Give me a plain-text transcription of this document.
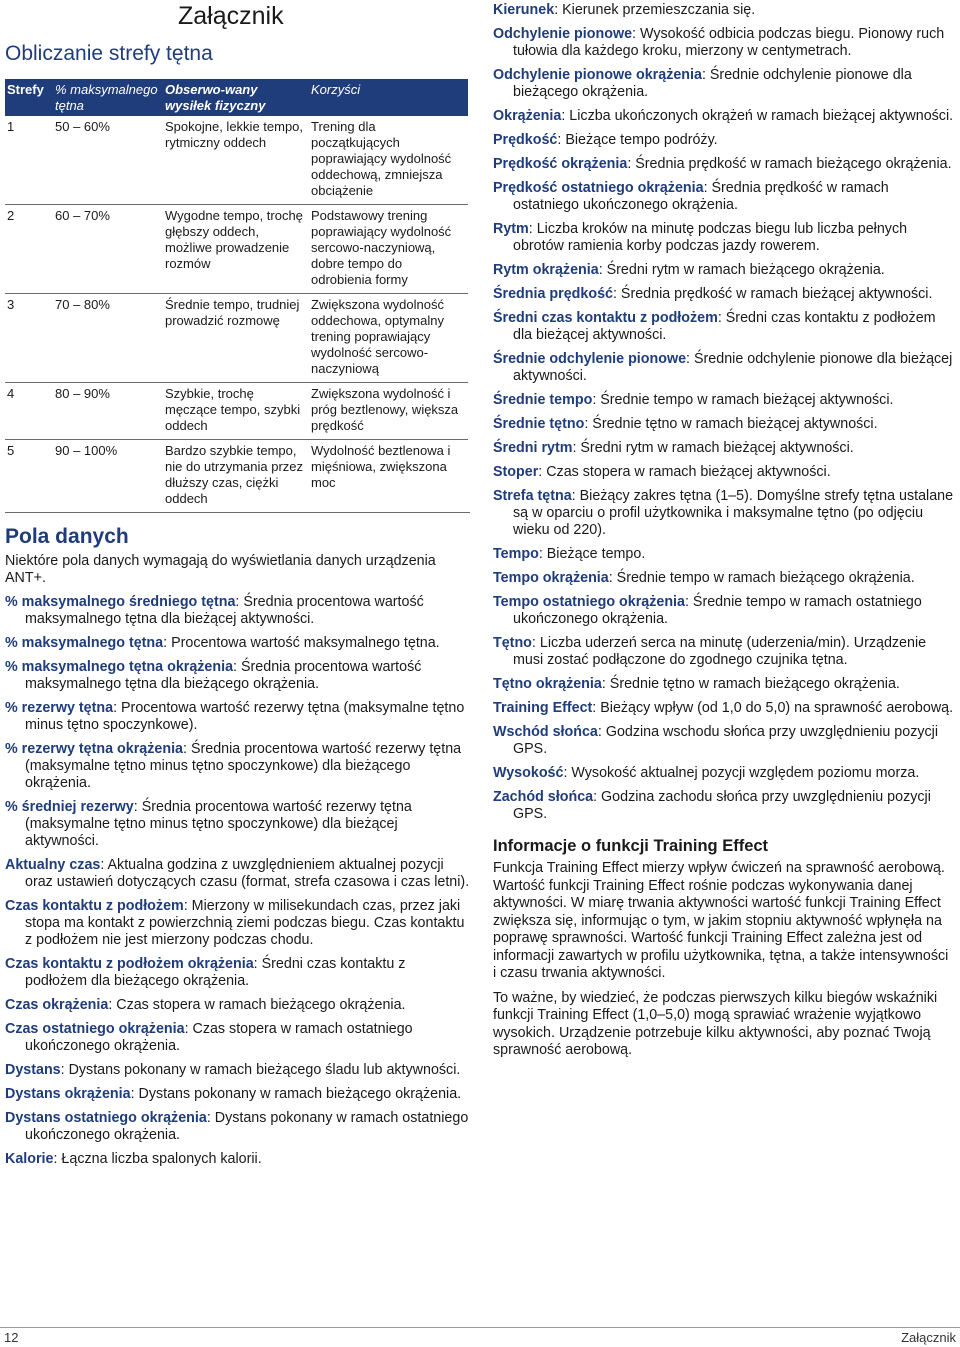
Załącznik
Obliczanie strefy tętna
Strefy	% maksymalnego tętna	Obserwo-wany wysiłek fizyczny	Korzyści
1	50 – 60%	Spokojne, lekkie tempo, rytmiczny oddech	Trening dla początkujących poprawiający wydolność oddechową, zmniejsza obciążenie
2	60 – 70%	Wygodne tempo, trochę głębszy oddech, możliwe prowadzenie rozmów	Podstawowy trening poprawiający wydolność sercowo-naczyniową, dobre tempo do odrobienia formy
3	70 – 80%	Średnie tempo, trudniej prowadzić rozmowę	Zwiększona wydolność oddechowa, optymalny trening poprawiający wydolność sercowo-naczyniową
4	80 – 90%	Szybkie, trochę męczące tempo, szybki oddech	Zwiększona wydolność i próg beztlenowy, większa prędkość
5	90 – 100%	Bardzo szybkie tempo, nie do utrzymania przez dłuższy czas, ciężki oddech	Wydolność beztlenowa i mięśniowa, zwiększona moc
Pola danych

Niektóre pola danych wymagają do wyświetlania danych urządzenia ANT+.

% maksymalnego średniego tętna: Średnia procentowa wartość maksymalnego tętna dla bieżącej aktywności.

% maksymalnego tętna: Procentowa wartość maksymalnego tętna.

% maksymalnego tętna okrążenia: Średnia procentowa wartość maksymalnego tętna dla bieżącego okrążenia.

% rezerwy tętna: Procentowa wartość rezerwy tętna (maksymalne tętno minus tętno spoczynkowe).

% rezerwy tętna okrążenia: Średnia procentowa wartość rezerwy tętna (maksymalne tętno minus tętno spoczynkowe) dla bieżącego okrążenia.

% średniej rezerwy: Średnia procentowa wartość rezerwy tętna (maksymalne tętno minus tętno spoczynkowe) dla bieżącej aktywności.

Aktualny czas: Aktualna godzina z uwzględnieniem aktualnej pozycji oraz ustawień dotyczących czasu (format, strefa czasowa i czas letni).

Czas kontaktu z podłożem: Mierzony w milisekundach czas, przez jaki stopa ma kontakt z powierzchnią ziemi podczas biegu. Czas kontaktu z podłożem nie jest mierzony podczas chodu.

Czas kontaktu z podłożem okrążenia: Średni czas kontaktu z podłożem dla bieżącego okrążenia.

Czas okrążenia: Czas stopera w ramach bieżącego okrążenia.

Czas ostatniego okrążenia: Czas stopera w ramach ostatniego ukończonego okrążenia.

Dystans: Dystans pokonany w ramach bieżącego śladu lub aktywności.

Dystans okrążenia: Dystans pokonany w ramach bieżącego okrążenia.

Dystans ostatniego okrążenia: Dystans pokonany w ramach ostatniego ukończonego okrążenia.

Kalorie: Łączna liczba spalonych kalorii.

Kierunek: Kierunek przemieszczania się.

Odchylenie pionowe: Wysokość odbicia podczas biegu. Pionowy ruch tułowia dla każdego kroku, mierzony w centymetrach.

Odchylenie pionowe okrążenia: Średnie odchylenie pionowe dla bieżącego okrążenia.

Okrążenia: Liczba ukończonych okrążeń w ramach bieżącej aktywności.

Prędkość: Bieżące tempo podróży.

Prędkość okrążenia: Średnia prędkość w ramach bieżącego okrążenia.

Prędkość ostatniego okrążenia: Średnia prędkość w ramach ostatniego ukończonego okrążenia.

Rytm: Liczba kroków na minutę podczas biegu lub liczba pełnych obrotów ramienia korby podczas jazdy rowerem.

Rytm okrążenia: Średni rytm w ramach bieżącego okrążenia.

Średnia prędkość: Średnia prędkość w ramach bieżącej aktywności.

Średni czas kontaktu z podłożem: Średni czas kontaktu z podłożem dla bieżącej aktywności.

Średnie odchylenie pionowe: Średnie odchylenie pionowe dla bieżącej aktywności.

Średnie tempo: Średnie tempo w ramach bieżącej aktywności.

Średnie tętno: Średnie tętno w ramach bieżącej aktywności.

Średni rytm: Średni rytm w ramach bieżącej aktywności.

Stoper: Czas stopera w ramach bieżącej aktywności.

Strefa tętna: Bieżący zakres tętna (1–5). Domyślne strefy tętna ustalane są w oparciu o profil użytkownika i maksymalne tętno (po odjęciu wieku od 220).

Tempo: Bieżące tempo.

Tempo okrążenia: Średnie tempo w ramach bieżącego okrążenia.

Tempo ostatniego okrążenia: Średnie tempo w ramach ostatniego ukończonego okrążenia.

Tętno: Liczba uderzeń serca na minutę (uderzenia/min). Urządzenie musi zostać podłączone do zgodnego czujnika tętna.

Tętno okrążenia: Średnie tętno w ramach bieżącego okrążenia.

Training Effect: Bieżący wpływ (od 1,0 do 5,0) na sprawność aerobową.

Wschód słońca: Godzina wschodu słońca przy uwzględnieniu pozycji GPS.

Wysokość: Wysokość aktualnej pozycji względem poziomu morza.

Zachód słońca: Godzina zachodu słońca przy uwzględnieniu pozycji GPS.

Informacje o funkcji Training Effect

Funkcja Training Effect mierzy wpływ ćwiczeń na sprawność aerobową. Wartość funkcji Training Effect rośnie podczas wykonywania danej aktywności. W miarę trwania aktywności wartość funkcji Training Effect zwiększa się, informując o tym, w jakim stopniu aktywność wpłynęła na poprawę sprawności. Wartość funkcji Training Effect zależna jest od informacji zawartych w profilu użytkownika, tętna, a także intensywności i czasu trwania aktywności.

To ważne, by wiedzieć, że podczas pierwszych kilku biegów wskaźniki funkcji Training Effect (1,0–5,0) mogą sprawiać wrażenie wyjątkowo wysokich. Urządzenie potrzebuje kilku aktywności, aby poznać Twoją sprawność aerobową.

12	Załącznik
